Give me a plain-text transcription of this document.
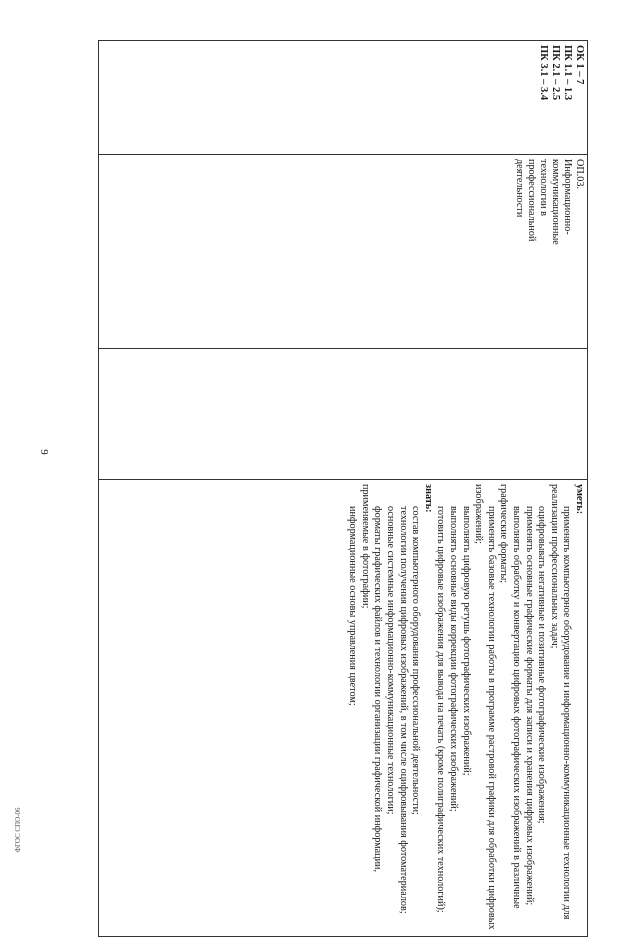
9
ФГОС СПО-06
ОК 1 – 7
ПК 1.1 – 1.3
ПК 2.1 – 2.5
ПК 3.1 – 3.4

ОП.03.
Информационно-
коммуникационные
технологии в
профессиональной
деятельности

уметь:
применять компьютерное оборудование и информационно-коммуникационные технологии для реализации профессиональных задач;
оцифровывать негативные и позитивные фотографические изображения;
применять основные графические форматы для записи и хранения цифровых изображений;
выполнять обработку и конвертацию цифровых фотографических изображений в различные графические форматы;
применять базовые технологии работы в программе растровой графики для обработки цифровых изображений;
выполнять цифровую ретушь фотографических изображений;
выполнять основные виды коррекции фотографических изображений;
готовить цифровые изображения для вывода на печать (кроме полиграфических технологий);
знать:
состав компьютерного оборудования профессиональной деятельности;
технологии получения цифровых изображений, в том числе оцифровывания фотоматериалов;
основные системные информационно-коммуникационные технологии;
форматы графических файлов и технологии организации графической информации, применяемые в фотографии;
информационные основы управления цветом;
